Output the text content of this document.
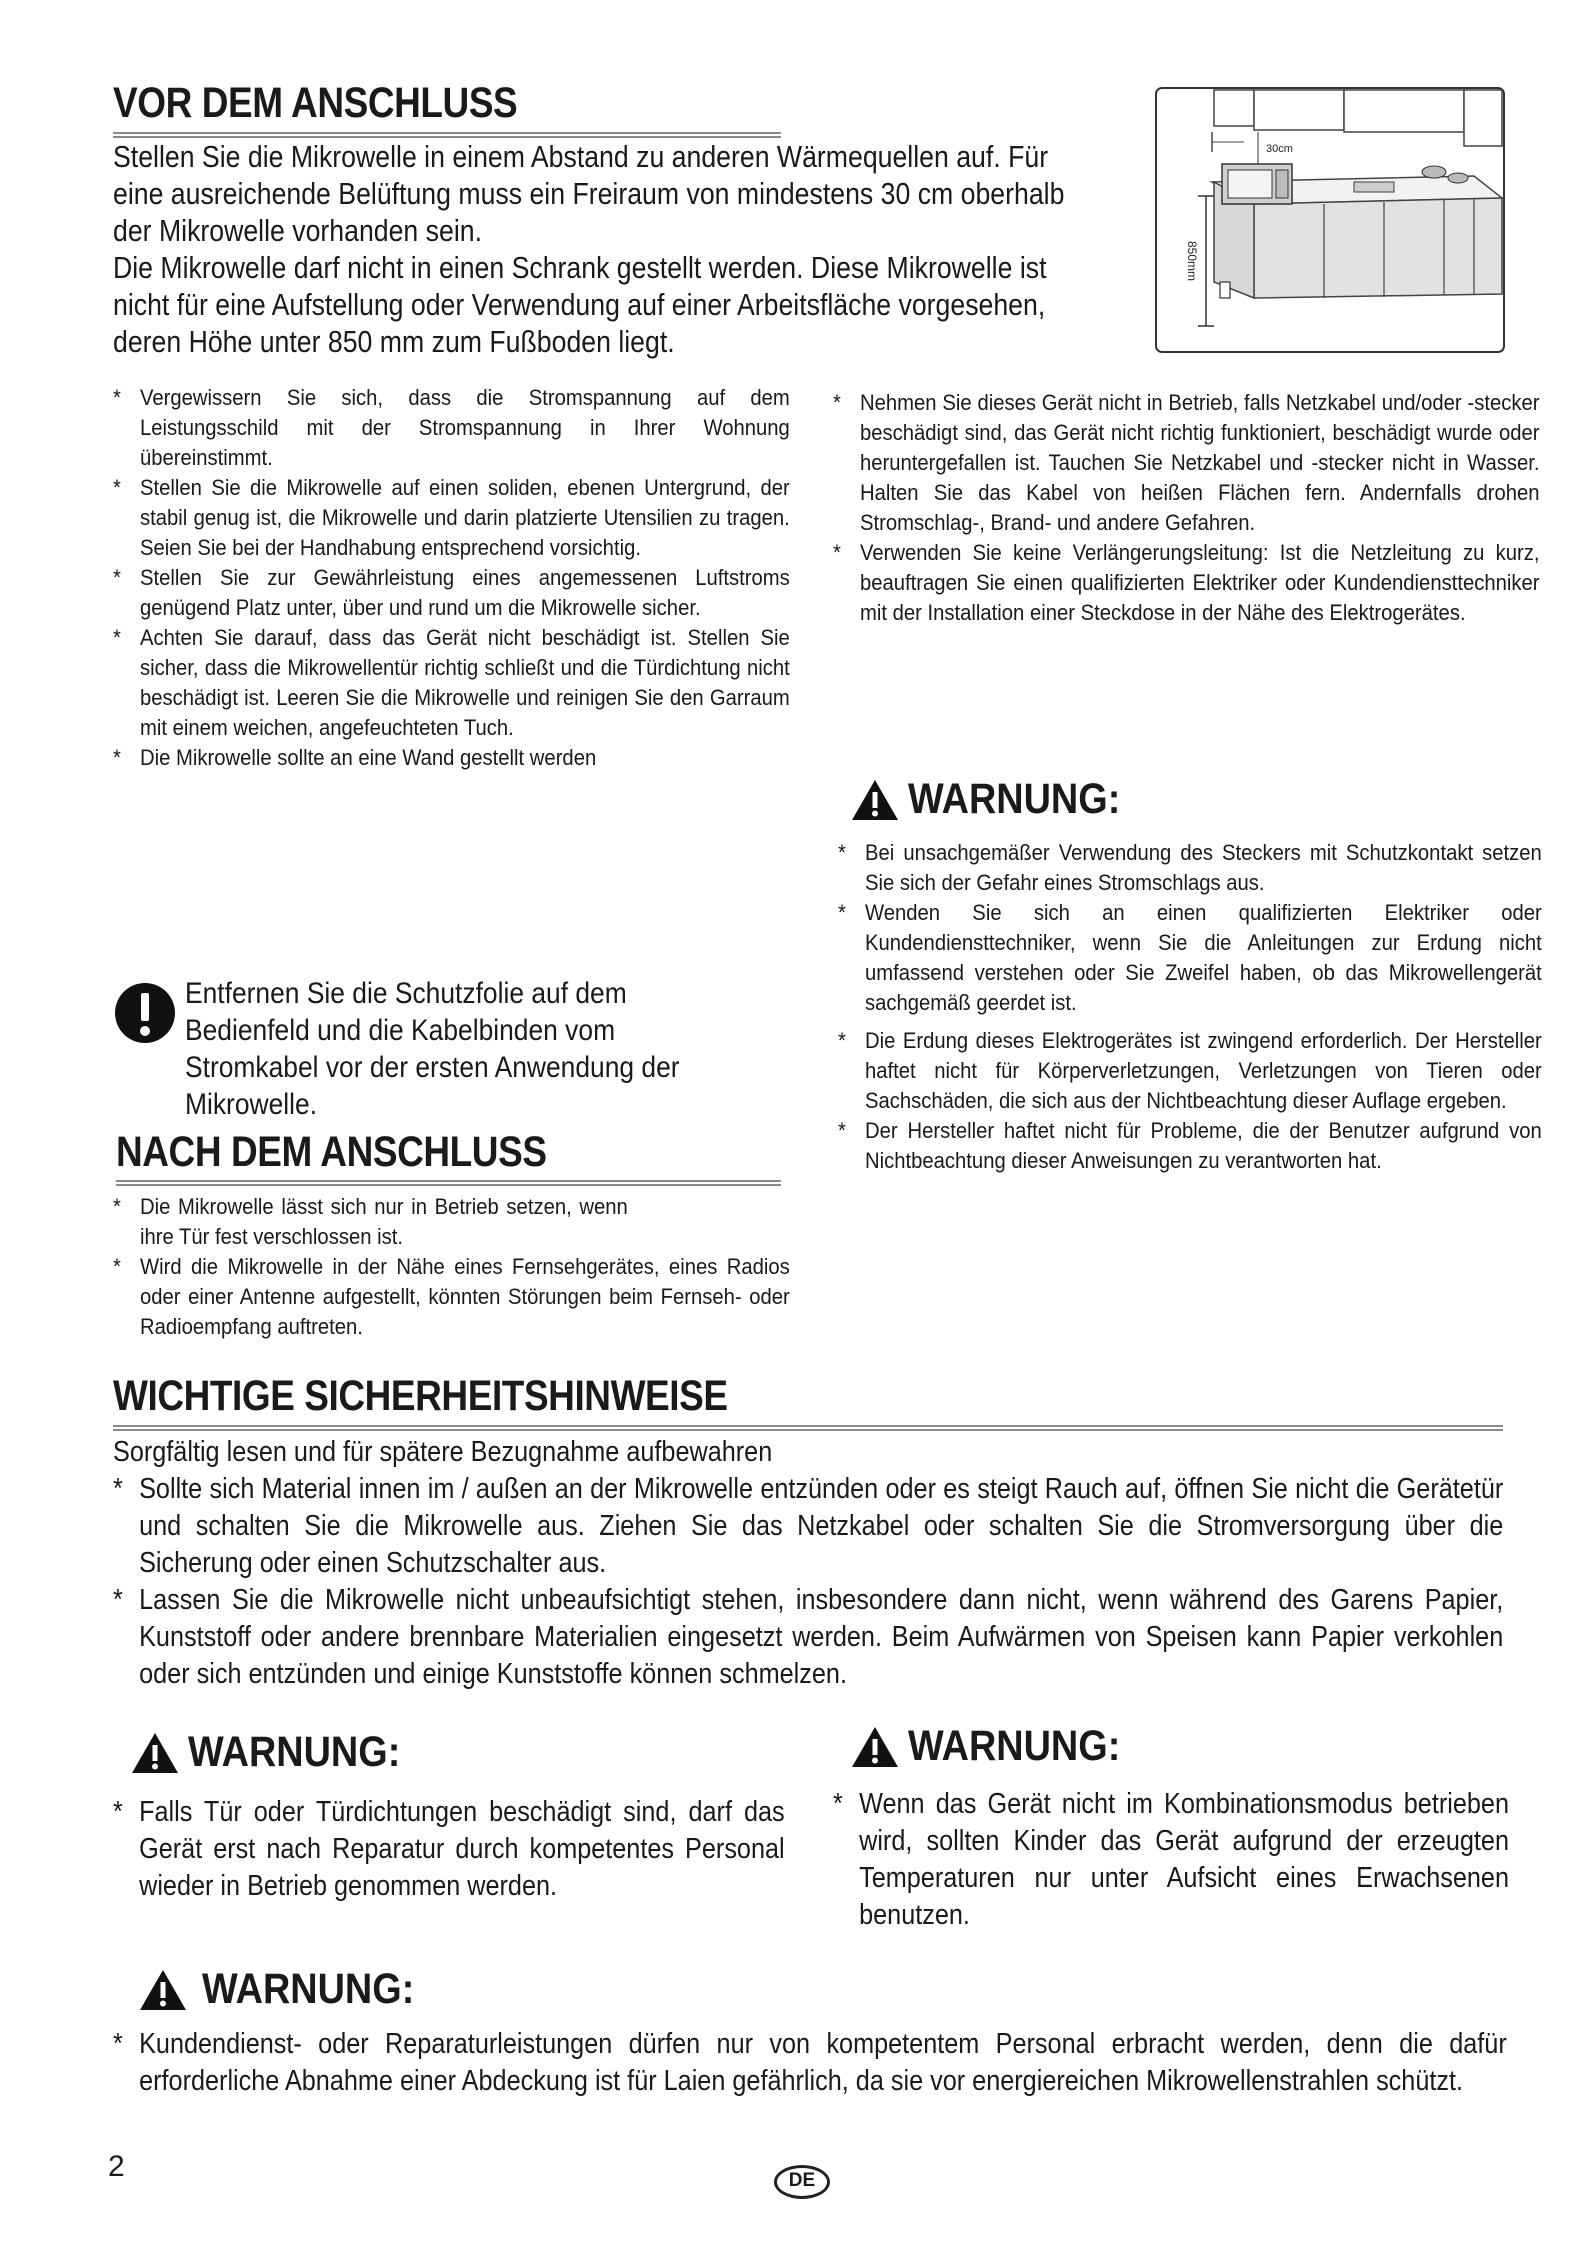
VOR DEM ANSCHLUSS

Stellen Sie die Mikrowelle in einem Abstand zu anderen Wärmequellen auf. Für eine ausreichende Belüftung muss ein Freiraum von mindestens 30 cm oberhalb der Mikrowelle vorhanden sein.

Die Mikrowelle darf nicht in einen Schrank gestellt werden. Diese Mikrowelle ist nicht für eine Aufstellung oder Verwendung auf einer Arbeitsfläche vorgesehen, deren Höhe unter 850 mm zum Fußboden liegt.

30cm
850mm
* Vergewissern Sie sich, dass die Stromspannung auf dem Leistungsschild mit der Stromspannung in Ihrer Wohnung übereinstimmt.
* Stellen Sie die Mikrowelle auf einen soliden, ebenen Untergrund, der stabil genug ist, die Mikrowelle und darin platzierte Utensilien zu tragen. Seien Sie bei der Handhabung entsprechend vorsichtig.
* Stellen Sie zur Gewährleistung eines angemessenen Luftstroms genügend Platz unter, über und rund um die Mikrowelle sicher.
* Achten Sie darauf, dass das Gerät nicht beschädigt ist. Stellen Sie sicher, dass die Mikrowellentür richtig schließt und die Türdichtung nicht beschädigt ist. Leeren Sie die Mikrowelle und reinigen Sie den Garraum mit einem weichen, angefeuchteten Tuch.
* Die Mikrowelle sollte an eine Wand gestellt werden
* Nehmen Sie dieses Gerät nicht in Betrieb, falls Netzkabel und/oder -stecker beschädigt sind, das Gerät nicht richtig funktioniert, beschädigt wurde oder heruntergefallen ist. Tauchen Sie Netzkabel und -stecker nicht in Wasser. Halten Sie das Kabel von heißen Flächen fern. Andernfalls drohen Stromschlag-, Brand- und andere Gefahren.
* Verwenden Sie keine Verlängerungsleitung: Ist die Netzleitung zu kurz, beauftragen Sie einen qualifizierten Elektriker oder Kundendiensttechniker mit der Installation einer Steckdose in der Nähe des Elektrogerätes.
Entfernen Sie die Schutzfolie auf dem Bedienfeld und die Kabelbinden vom Stromkabel vor der ersten Anwendung der Mikrowelle.
WARNUNG:
* Bei unsachgemäßer Verwendung des Steckers mit Schutzkontakt setzen Sie sich der Gefahr eines Stromschlags aus.
* Wenden Sie sich an einen qualifizierten Elektriker oder Kundendiensttechniker, wenn Sie die Anleitungen zur Erdung nicht umfassend verstehen oder Sie Zweifel haben, ob das Mikrowellengerät sachgemäß geerdet ist.
* Die Erdung dieses Elektrogerätes ist zwingend erforderlich. Der Hersteller haftet nicht für Körperverletzungen, Verletzungen von Tieren oder Sachschäden, die sich aus der Nichtbeachtung dieser Auflage ergeben.
* Der Hersteller haftet nicht für Probleme, die der Benutzer aufgrund von Nichtbeachtung dieser Anweisungen zu verantworten hat.
NACH DEM ANSCHLUSS
* Die Mikrowelle lässt sich nur in Betrieb setzen, wenn ihre Tür fest verschlossen ist.
* Wird die Mikrowelle in der Nähe eines Fernsehgerätes, eines Radios oder einer Antenne aufgestellt, könnten Störungen beim Fernseh- oder Radioempfang auftreten.
WICHTIGE SICHERHEITSHINWEISE
Sorgfältig lesen und für spätere Bezugnahme aufbewahren
* Sollte sich Material innen im / außen an der Mikrowelle entzünden oder es steigt Rauch auf, öffnen Sie nicht die Gerätetür und schalten Sie die Mikrowelle aus. Ziehen Sie das Netzkabel oder schalten Sie die Stromversorgung über die Sicherung oder einen Schutzschalter aus.
* Lassen Sie die Mikrowelle nicht unbeaufsichtigt stehen, insbesondere dann nicht, wenn während des Garens Papier, Kunststoff oder andere brennbare Materialien eingesetzt werden. Beim Aufwärmen von Speisen kann Papier verkohlen oder sich entzünden und einige Kunststoffe können schmelzen.
WARNUNG:
* Falls Tür oder Türdichtungen beschädigt sind, darf das Gerät erst nach Reparatur durch kompetentes Personal wieder in Betrieb genommen werden.
WARNUNG:
* Wenn das Gerät nicht im Kombinationsmodus betrieben wird, sollten Kinder das Gerät aufgrund der erzeugten Temperaturen nur unter Aufsicht eines Erwachsenen benutzen.
WARNUNG:
* Kundendienst- oder Reparaturleistungen dürfen nur von kompetentem Personal erbracht werden, denn die dafür erforderliche Abnahme einer Abdeckung ist für Laien gefährlich, da sie vor energiereichen Mikrowellenstrahlen schützt.
2	DE
